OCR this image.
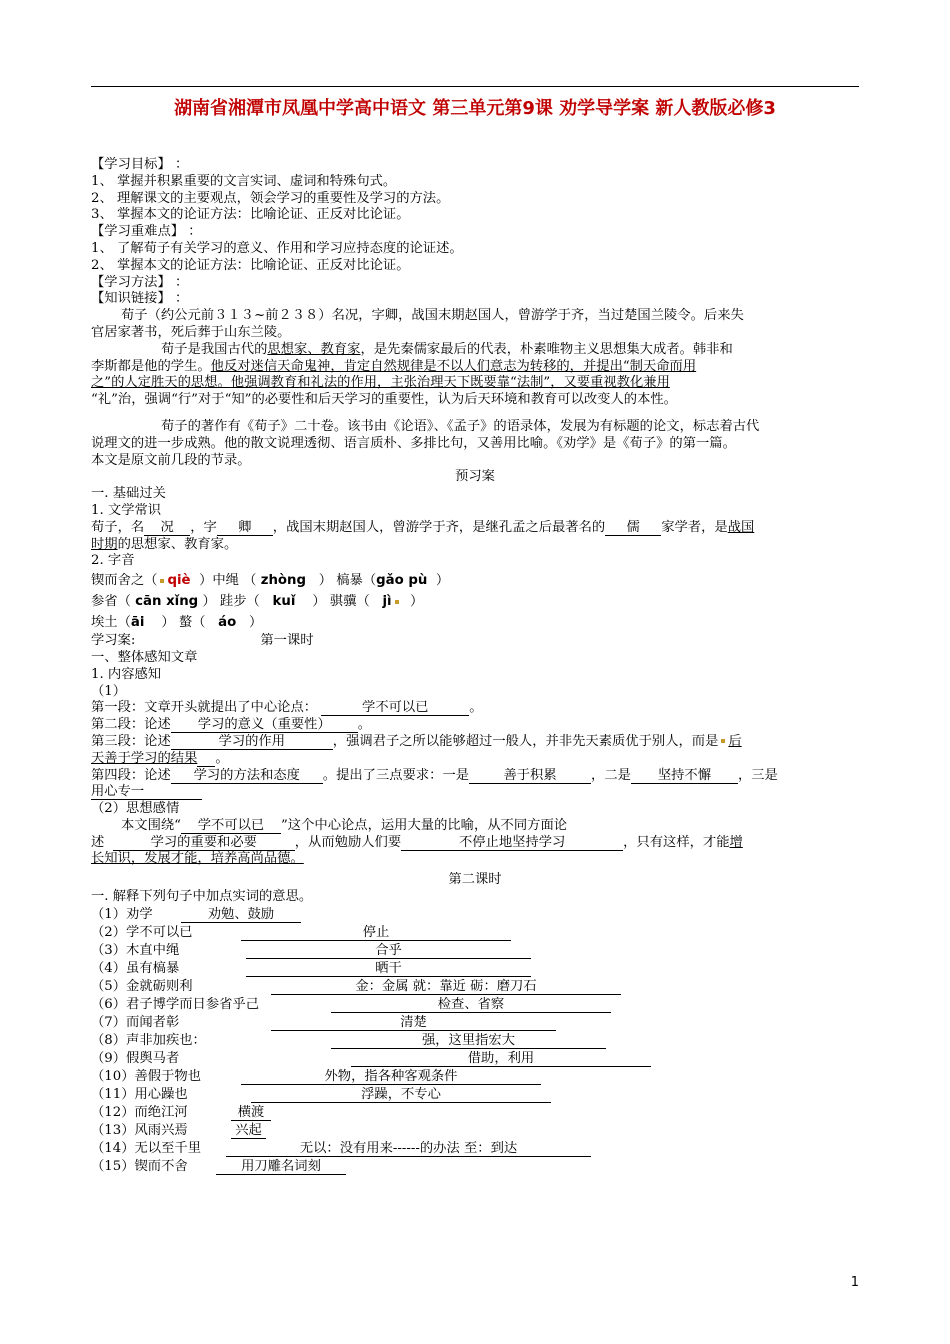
湖南省湘潭市凤凰中学高中语文 第三单元第9课 劝学导学案 新人教版必修3
【学习目标】 ：
1、 掌握并积累重要的文言实词、虚词和特殊句式。
2、 理解课文的主要观点，领会学习的重要性及学习的方法。
3、 掌握本文的论证方法：比喻论证、正反对比论证。
【学习重难点】 ：
1、 了解荀子有关学习的意义、作用和学习应持态度的论证述。
2、 掌握本文的论证方法：比喻论证、正反对比论证。
【学习方法】 ：
【知识链接】 ：
荀子（约公元前３１３~前２３８）名况，字卿，战国末期赵国人，曾游学于齐，当过楚国兰陵令。后来失
官居家著书，死后葬于山东兰陵。
荀子是我国古代的思想家、教育家，是先秦儒家最后的代表，朴素唯物主义思想集大成者。韩非和
李斯都是他的学生。他反对迷信天命鬼神，肯定自然规律是不以人们意志为转移的，并提出“制天命而用
之”的人定胜天的思想。他强调教育和礼法的作用，主张治理天下既要靠“法制”，又要重视教化兼用
“礼”治，强调“行”对于“知”的必要性和后天学习的重要性，认为后天环境和教育可以改变人的本性。
荀子的著作有《荀子》二十卷。该书由《论语》、《孟子》的语录体，发展为有标题的论文，标志着古代
说理文的进一步成熟。他的散文说理透彻、语言质朴、多排比句，又善用比喻。《劝学》是《荀子》的第一篇。
本文是原文前几段的节录。
预习案
一. 基础过关
1. 文学常识
荀子，名 况 ，字 卿 ，战国末期赵国人，曾游学于齐，是继孔孟之后最著名的 儒 家学者，是战国
时期的思想家、教育家。
2. 字音
锲而舍之（ qiè ）中绳 （ zhòng ） 槁暴（gǎo pù ）
参省（ cān xǐng ） 跬步（ kuǐ ） 骐骥（ jì ）
埃土（āi ） 螯（ áo ）
学习案:	第一课时
一、整体感知文章
1. 内容感知
（1）
第一段：文章开头就提出了中心论点：	学不可以已	。
第二段：论述 学习的意义（重要性） 。
第三段：论述	学习的作用	，强调君子之所以能够超过一般人，并非先天素质优于别人，而是 后
天善于学习的结果 。
第四段：论述 学习的方法和态度 。提出了三点要求：一是	善于积累	，二是 坚持不懈 ，三是
用心专一
（2）思想感情
本文围绕“ 学不可以已 ”这个中心论点，运用大量的比喻，从不同方面论
述	学习的重要和必要	，从而勉励人们要	不停止地坚持学习	，只有这样，才能增
长知识，发展才能，培养高尚品德。
第二课时
一. 解释下列句子中加点实词的意思。
（1）劝学	劝勉、鼓励
（2）学不可以已	停止
（3）木直中绳	合乎
（4）虽有槁暴	晒干
（5）金就砺则利	金：金属 就：靠近 砺：磨刀石
（6）君子博学而日参省乎己	检查、省察
（7）而闻者彰	清楚
（8）声非加疾也：	强，这里指宏大
（9）假舆马者	借助，利用
（10）善假于物也	外物，指各种客观条件
（11）用心躁也	浮躁，不专心
（12）而绝江河	横渡
（13）风雨兴焉	兴起
（14）无以至千里	无以：没有用来------的办法 至：到达
（15）锲而不舍	用刀雕名词刻
1
